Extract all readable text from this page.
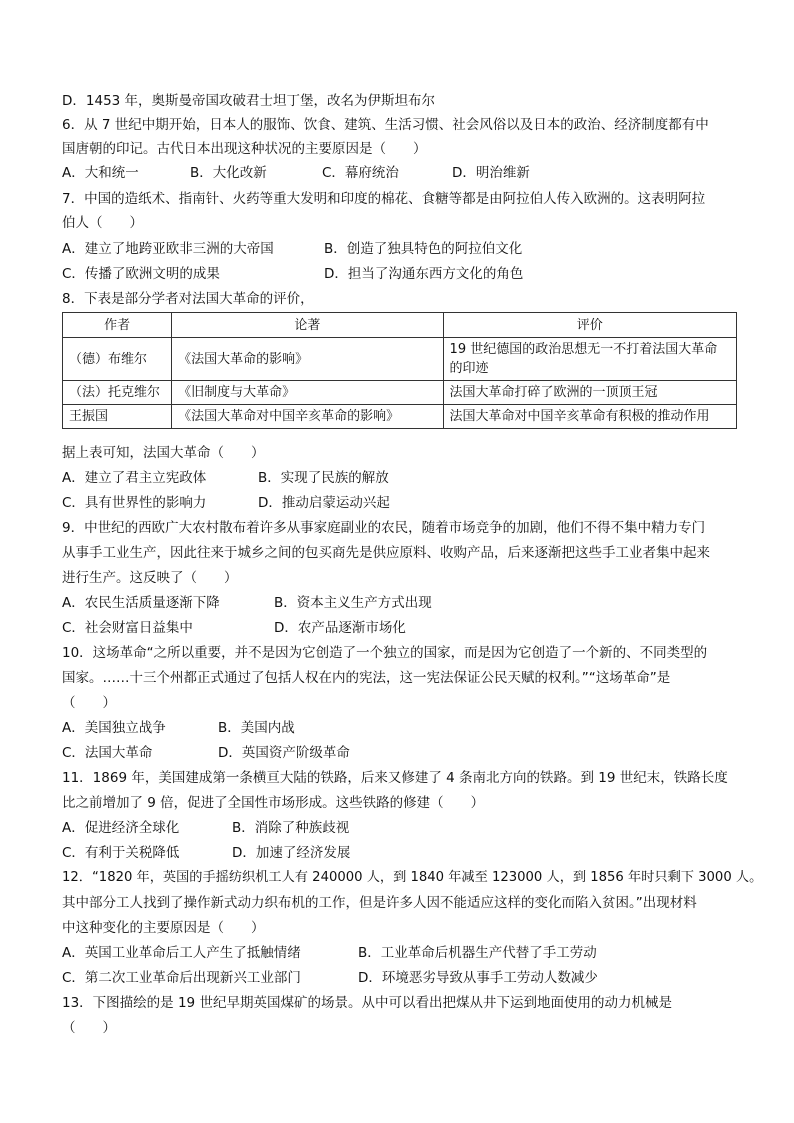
D．1453 年，奥斯曼帝国攻破君士坦丁堡，改名为伊斯坦布尔
6．从 7 世纪中期开始，日本人的服饰、饮食、建筑、生活习惯、社会风俗以及日本的政治、经济制度都有中
国唐朝的印记。古代日本出现这种状况的主要原因是（　　）
A．大和统一	B．大化改新	C．幕府统治	D．明治维新
7．中国的造纸术、指南针、火药等重大发明和印度的棉花、食糖等都是由阿拉伯人传入欧洲的。这表明阿拉
伯人（　　）
A．建立了地跨亚欧非三洲的大帝国	B．创造了独具特色的阿拉伯文化
C．传播了欧洲文明的成果	D．担当了沟通东西方文化的角色
8．下表是部分学者对法国大革命的评价，
作者	论著	评价
（德）布维尔	《法国大革命的影响》	19 世纪德国的政治思想无一不打着法国大革命的印迹
（法）托克维尔	《旧制度与大革命》	法国大革命打碎了欧洲的一顶顶王冠
王振国	《法国大革命对中国辛亥革命的影响》	法国大革命对中国辛亥革命有积极的推动作用
据上表可知，法国大革命（　　）
A．建立了君主立宪政体	B．实现了民族的解放
C．具有世界性的影响力	D．推动启蒙运动兴起
9．中世纪的西欧广大农村散布着许多从事家庭副业的农民，随着市场竞争的加剧，他们不得不集中精力专门
从事手工业生产，因此往来于城乡之间的包买商先是供应原料、收购产品，后来逐渐把这些手工业者集中起来
进行生产。这反映了（　　）
A．农民生活质量逐渐下降	B．资本主义生产方式出现
C．社会财富日益集中	D．农产品逐渐市场化
10．这场革命“之所以重要，并不是因为它创造了一个独立的国家，而是因为它创造了一个新的、不同类型的
国家。……十三个州都正式通过了包括人权在内的宪法，这一宪法保证公民天赋的权利。”“这场革命”是
（　　）
A．美国独立战争	B．美国内战
C．法国大革命	D．英国资产阶级革命
11．1869 年，美国建成第一条横亘大陆的铁路，后来又修建了 4 条南北方向的铁路。到 19 世纪末，铁路长度
比之前增加了 9 倍，促进了全国性市场形成。这些铁路的修建（　　）
A．促进经济全球化	B．消除了种族歧视
C．有利于关税降低	D．加速了经济发展
12．“1820 年，英国的手摇纺织机工人有 240000 人，到 1840 年减至 123000 人，到 1856 年时只剩下 3000 人。
其中部分工人找到了操作新式动力织布机的工作，但是许多人因不能适应这样的变化而陷入贫困。”出现材料
中这种变化的主要原因是（　　）
A．英国工业革命后工人产生了抵触情绪	B．工业革命后机器生产代替了手工劳动
C．第二次工业革命后出现新兴工业部门	D．环境恶劣导致从事手工劳动人数减少
13．下图描绘的是 19 世纪早期英国煤矿的场景。从中可以看出把煤从井下运到地面使用的动力机械是
（　　）
